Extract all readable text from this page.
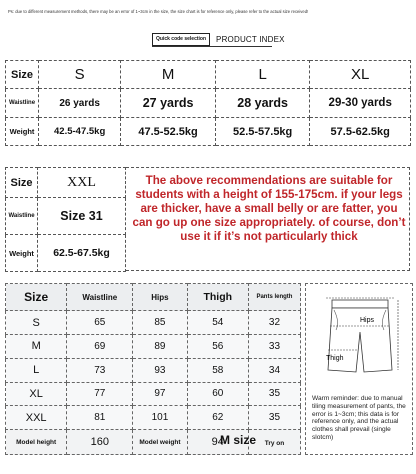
Ps: due to different measurement methods, there may be an error of 1~3cm in the size, the size chart is for reference only, please refer to the actual size received!
Quick code selection	PRODUCT INDEX
Size	S	M	L	XL
Waistline	26 yards	27 yards	28 yards	29-30 yards
Weight	42.5-47.5kg	47.5-52.5kg	52.5-57.5kg	57.5-62.5kg
Size	XXL
Waistline	Size 31
Weight	62.5-67.5kg
The above recommendations are suitable for students with a height of 155-175cm. if your legs are thicker, have a small belly or are fatter, you can go up one size appropriately. of course, don’t use it if it’s not particularly thick
Size	Waistline	Hips	Thigh	Pants length
S	65	85	54	32
M	69	89	56	33
L	73	93	58	34
XL	77	97	60	35
XXL	81	101	62	35
Model height	160	Model weight	94	Try on
M size
Hips
Thigh
Warm reminder: due to manual tiling measurement of pants, the error is 1~3cm; this data is for reference only, and the actual clothes shall prevail (single slotcm)
